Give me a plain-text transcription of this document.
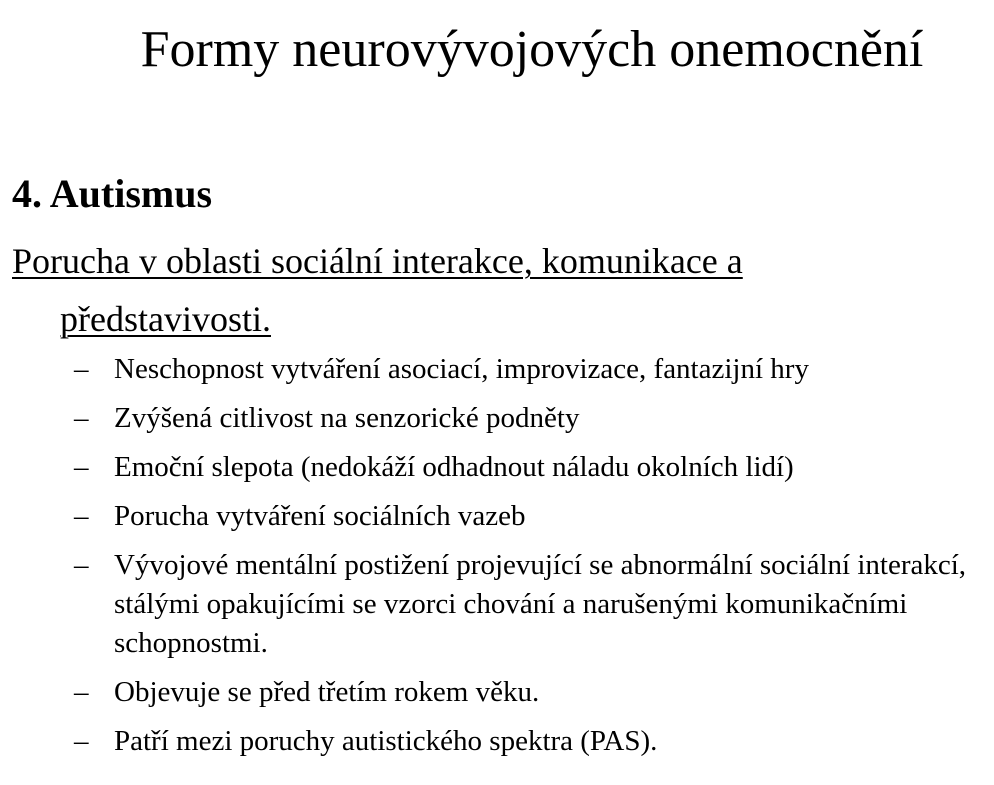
Formy neurovývojových onemocnění
4. Autismus

Porucha v oblasti sociální interakce, komunikace a
představivosti.

– Neschopnost vytváření asociací, improvizace, fantazijní hry
– Zvýšená citlivost na senzorické podněty
– Emoční slepota (nedokáží odhadnout náladu okolních lidí)
– Porucha vytváření sociálních vazeb
– Vývojové mentální postižení projevující se abnormální sociální interakcí, stálými opakujícími se vzorci chování a narušenými komunikačními schopnostmi.
– Objevuje se před třetím rokem věku.
– Patří mezi poruchy autistického spektra (PAS).
